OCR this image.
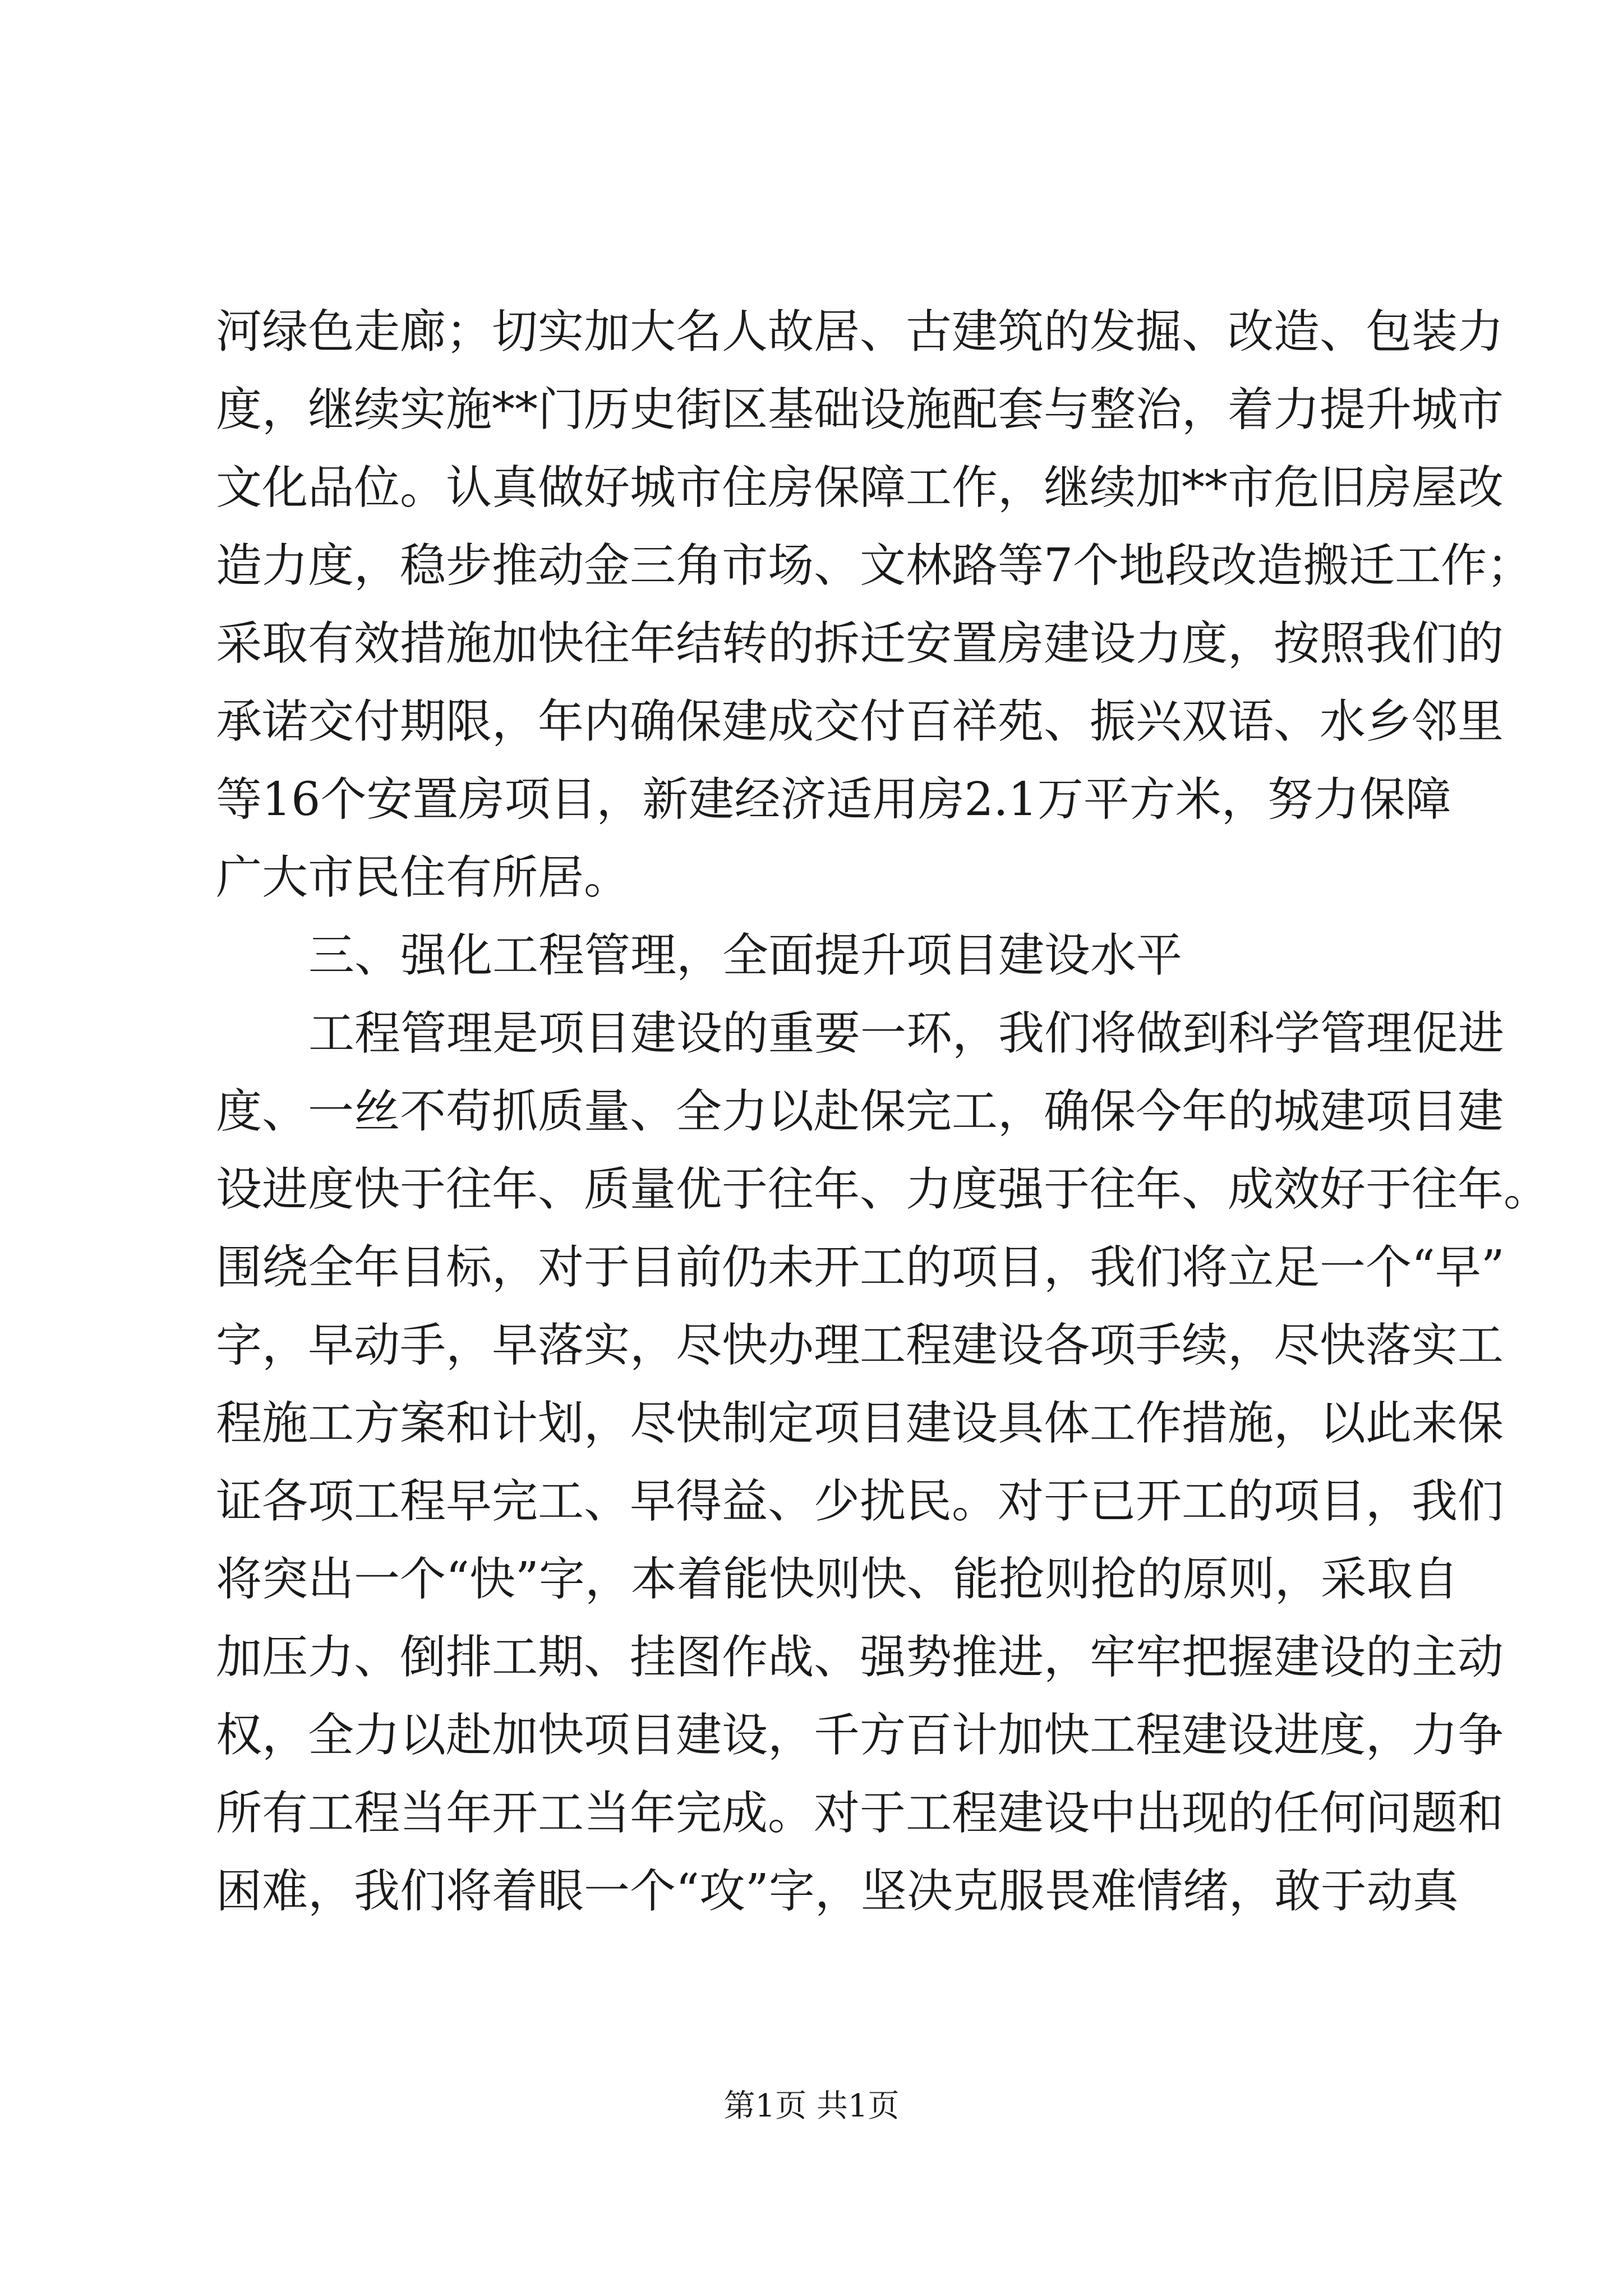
河绿色走廊；切实加大名人故居、古建筑的发掘、改造、包装力

度，继续实施**门历史街区基础设施配套与整治，着力提升城市

文化品位。认真做好城市住房保障工作，继续加**市危旧房屋改

造力度，稳步推动金三角市场、文林路等7个地段改造搬迁工作；

采取有效措施加快往年结转的拆迁安置房建设力度，按照我们的

承诺交付期限，年内确保建成交付百祥苑、振兴双语、水乡邻里

等16个安置房项目，新建经济适用房2.1万平方米，努力保障

广大市民住有所居。

三、强化工程管理，全面提升项目建设水平

工程管理是项目建设的重要一环，我们将做到科学管理促进

度、一丝不苟抓质量、全力以赴保完工，确保今年的城建项目建

设进度快于往年、质量优于往年、力度强于往年、成效好于往年。

围绕全年目标，对于目前仍未开工的项目，我们将立足一个“早”

字，早动手，早落实，尽快办理工程建设各项手续，尽快落实工

程施工方案和计划，尽快制定项目建设具体工作措施，以此来保

证各项工程早完工、早得益、少扰民。对于已开工的项目，我们

将突出一个“快”字，本着能快则快、能抢则抢的原则，采取自

加压力、倒排工期、挂图作战、强势推进，牢牢把握建设的主动

权，全力以赴加快项目建设，千方百计加快工程建设进度，力争

所有工程当年开工当年完成。对于工程建设中出现的任何问题和

困难，我们将着眼一个“攻”字，坚决克服畏难情绪，敢于动真

第1页 共1页
